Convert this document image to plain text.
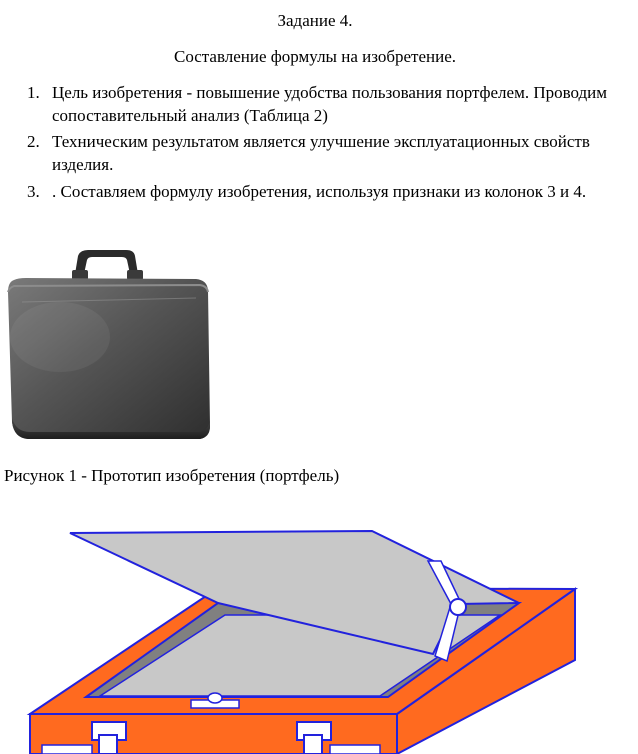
Задание 4.
Составление формулы на изобретение.
1. Цель изобретения - повышение удобства пользования портфелем. Проводим сопоставительный анализ (Таблица 2)
2. Техническим результатом является улучшение эксплуатационных свойств изделия.
3. . Составляем формулу изобретения, используя признаки из колонок 3 и 4.

Рисунок 1 - Прототип изобретения (портфель)
